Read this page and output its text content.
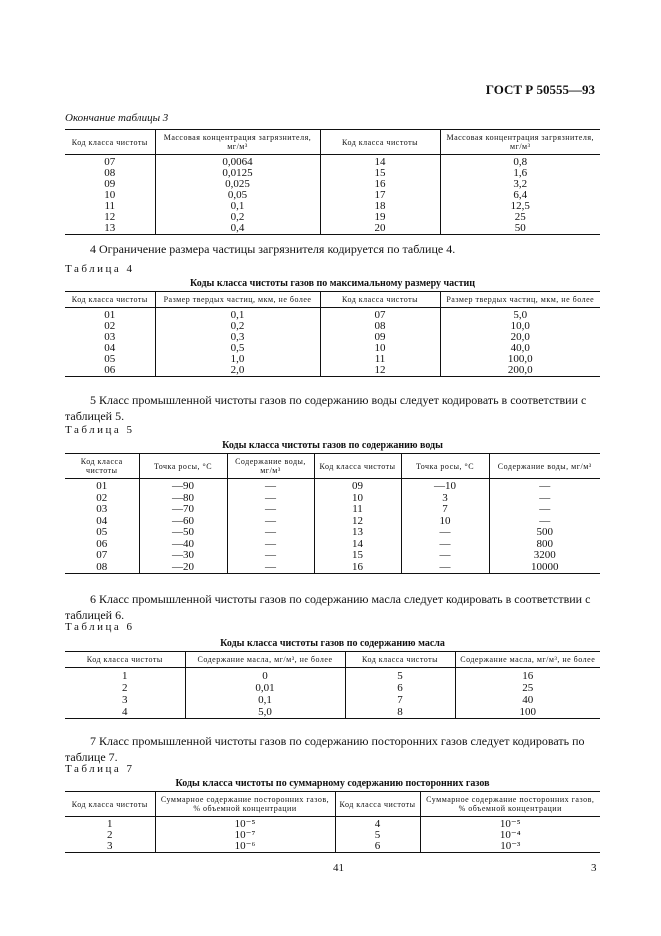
ГОСТ Р 50555—93
Окончание таблицы 3
Код класса чистоты	Массовая концентрация загрязнителя, мг/м³	Код класса чистоты	Массовая концентрация загрязнителя, мг/м³
07	0,0064	14	0,8
08	0,0125	15	1,6
09	0,025	16	3,2
10	0,05	17	6,4
11	0,1	18	12,5
12	0,2	19	25
13	0,4	20	50
4 Ограничение размера частицы загрязнителя кодируется по таблице 4.
Таблица 4
Коды класса чистоты газов по максимальному размеру частиц
Код класса чистоты	Размер твердых частиц, мкм, не более	Код класса чистоты	Размер твердых частиц, мкм, не более
01	0,1	07	5,0
02	0,2	08	10,0
03	0,3	09	20,0
04	0,5	10	40,0
05	1,0	11	100,0
06	2,0	12	200,0
5 Класс промышленной чистоты газов по содержанию воды следует кодировать в соответствии с таблицей 5.
Таблица 5
Коды класса чистоты газов по содержанию воды
Код класса чистоты	Точка росы, °С	Содержание воды, мг/м³	Код класса чистоты	Точка росы, °С	Содержание воды, мг/м³
01	—90	—	09	—10	—
02	—80	—	10	3	—
03	—70	—	11	7	—
04	—60	—	12	10	—
05	—50	—	13	—	500
06	—40	—	14	—	800
07	—30	—	15	—	3200
08	—20	—	16	—	10000
6 Класс промышленной чистоты газов по содержанию масла следует кодировать в соответствии с таблицей 6.
Таблица 6
Коды класса чистоты газов по содержанию масла
Код класса чистоты	Содержание масла, мг/м³, не более	Код класса чистоты	Содержание масла, мг/м³, не более
1	0	5	16
2	0,01	6	25
3	0,1	7	40
4	5,0	8	100
7 Класс промышленной чистоты газов по содержанию посторонних газов следует кодировать по таблице 7.
Таблица 7
Коды класса чистоты по суммарному содержанию посторонних газов
Код класса чистоты	Суммарное содержание посторонних газов, % объемной концентрации	Код класса чистоты	Суммарное содержание посторонних газов, % объемной концентрации
1	10⁻⁵	4	10⁻⁵
2	10⁻⁷	5	10⁻⁴
3	10⁻⁶	6	10⁻³
41	3
